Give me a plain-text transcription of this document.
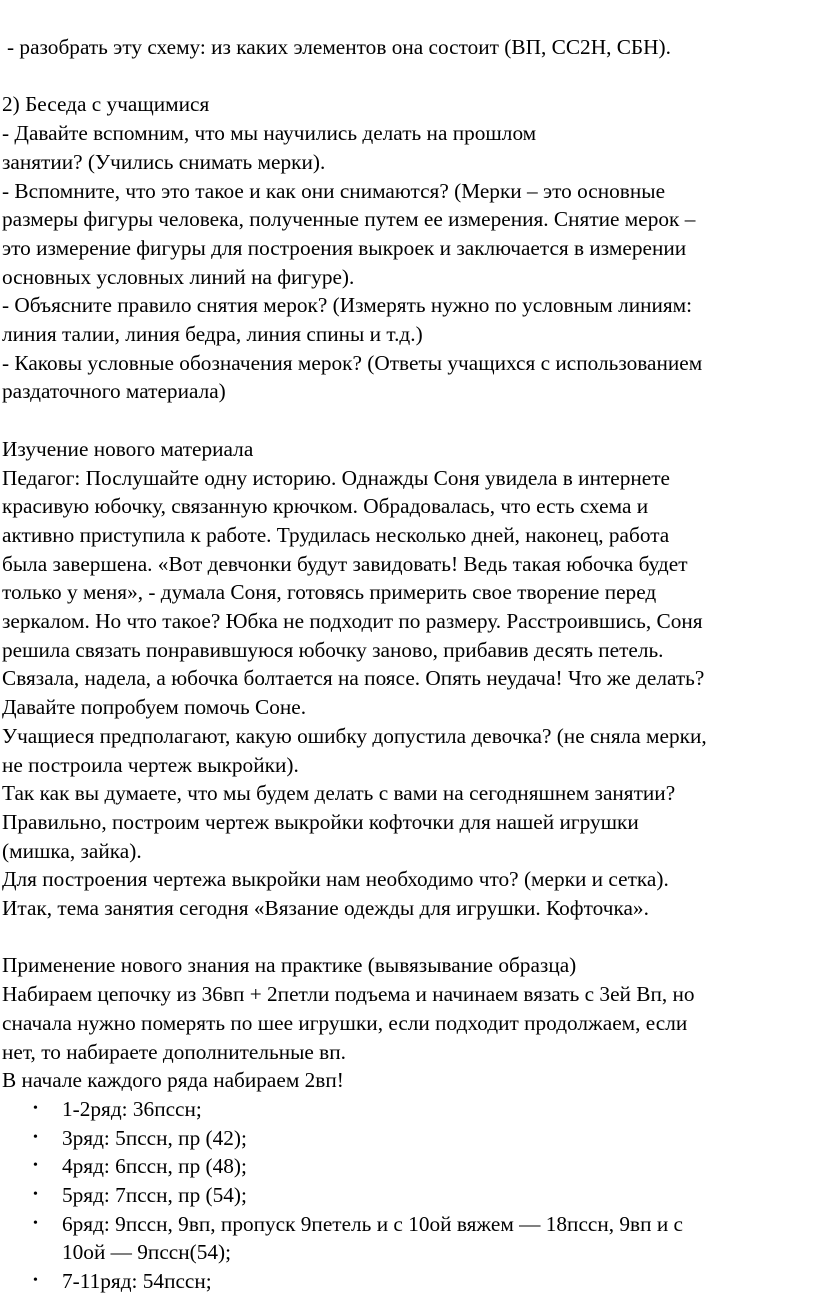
- разобрать эту схему: из каких элементов она состоит (ВП, СС2Н, СБН).
2) Беседа с учащимися
- Давайте вспомним, что мы научились делать на прошлом
занятии? (Учились снимать мерки).
- Вспомните, что это такое и как они снимаются? (Мерки – это основные
размеры фигуры человека, полученные путем ее измерения. Снятие мерок –
это измерение фигуры для построения выкроек и заключается в измерении
основных условных линий на фигуре).
- Объясните правило снятия мерок? (Измерять нужно по условным линиям:
линия талии, линия бедра, линия спины и т.д.)
- Каковы условные обозначения мерок? (Ответы учащихся с использованием
раздаточного материала)
Изучение нового материала
Педагог: Послушайте одну историю. Однажды Соня увидела в интернете
красивую юбочку, связанную крючком. Обрадовалась, что есть схема и
активно приступила к работе. Трудилась несколько дней, наконец, работа
была завершена. «Вот девчонки будут завидовать! Ведь такая юбочка будет
только у меня», - думала Соня, готовясь примерить свое творение перед
зеркалом. Но что такое? Юбка не подходит по размеру. Расстроившись, Соня
решила связать понравившуюся юбочку заново, прибавив десять петель.
Связала, надела, а юбочка болтается на поясе. Опять неудача! Что же делать?
Давайте попробуем помочь Соне.
Учащиеся предполагают, какую ошибку допустила девочка? (не сняла мерки,
не построила чертеж выкройки).
Так как вы думаете, что мы будем делать с вами на сегодняшнем занятии?
Правильно, построим чертеж выкройки кофточки для нашей игрушки
(мишка, зайка).
Для построения чертежа выкройки нам необходимо что? (мерки и сетка).
Итак, тема занятия сегодня «Вязание одежды для игрушки. Кофточка».
Применение нового знания на практике (вывязывание образца)
Набираем цепочку из 36вп + 2петли подъема и начинаем вязать с 3ей Вп, но
сначала нужно померять по шее игрушки, если подходит продолжаем, если
нет, то набираете дополнительные вп.
В начале каждого ряда набираем 2вп!
• 1-2ряд: 36пссн;
• 3ряд: 5пссн, пр (42);
• 4ряд: 6пссн, пр (48);
• 5ряд: 7пссн, пр (54);
• 6ряд: 9пссн, 9вп, пропуск 9петель и с 10ой вяжем — 18пссн, 9вп и с
10ой — 9пссн(54);
• 7-11ряд: 54пссн;
